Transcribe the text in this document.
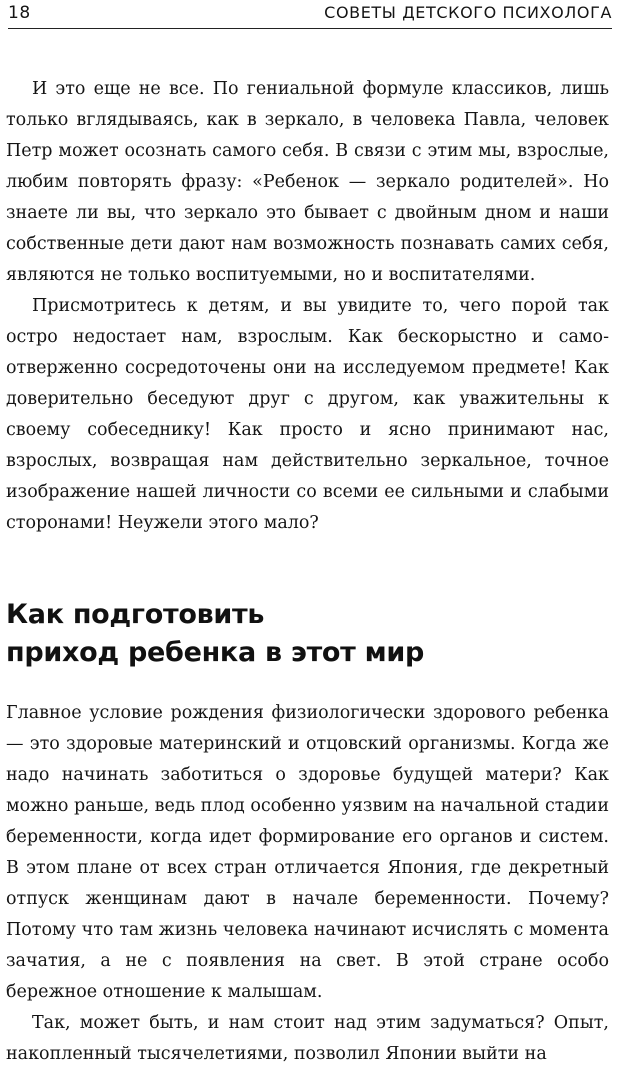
18	СОВЕТЫ ДЕТСКОГО ПСИХОЛОГА

И это еще не все. По гениальной формуле классиков, лишь только вглядываясь, как в зеркало, в человека Павла, человек Петр может осознать самого себя. В связи с этим мы, взрослые, любим повторять фразу: «Ребенок — зеркало родителей». Но знаете ли вы, что зеркало это бывает с двойным дном и наши собственные дети дают нам возможность познавать самих себя, являются не только воспитуемыми, но и воспитателями.

Присмотритесь к детям, и вы увидите то, чего порой так остро недостает нам, взрослым. Как бескорыстно и самоотверженно сосредоточены они на исследуемом предмете! Как доверительно беседуют друг с другом, как уважительны к своему собеседнику! Как просто и ясно принимают нас, взрослых, возвращая нам действительно зеркальное, точное изображение нашей личности со всеми ее сильными и слабыми сторонами! Неужели этого мало?

Как подготовить
приход ребенка в этот мир

Главное условие рождения физиологически здорового ребенка — это здоровые материнский и отцовский организмы. Когда же надо начинать заботиться о здоровье будущей матери? Как можно раньше, ведь плод особенно уязвим на начальной стадии беременности, когда идет формирование его органов и систем. В этом плане от всех стран отличается Япония, где декретный отпуск женщинам дают в начале беременности. Почему? Потому что там жизнь человека начинают исчислять с момента зачатия, а не с появления на свет. В этой стране особо бережное отношение к малышам.

Так, может быть, и нам стоит над этим задуматься? Опыт, накопленный тысячелетиями, позволил Японии выйти на
